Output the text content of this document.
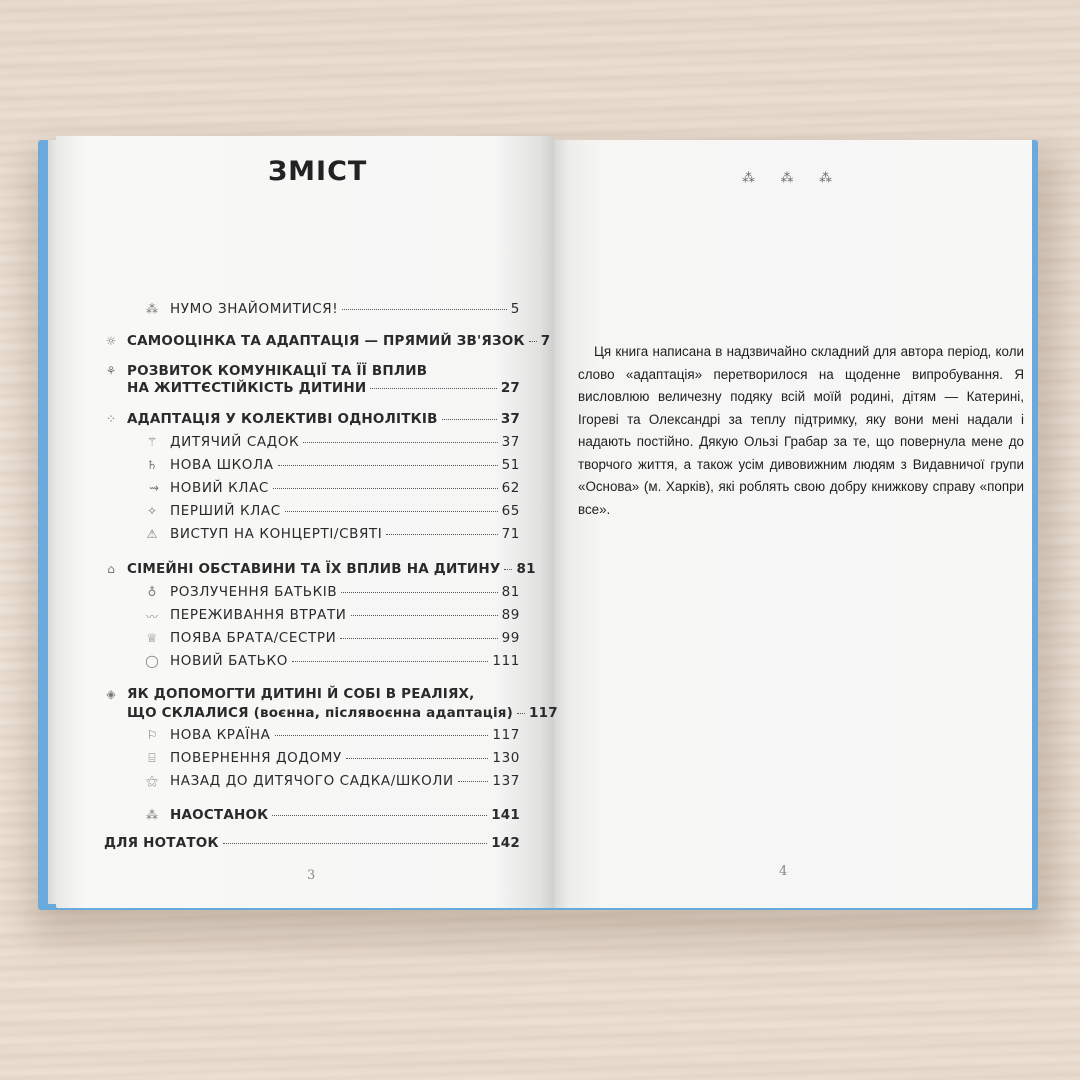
ЗМІСТ
⁂ НУМО ЗНАЙОМИТИСЯ!	5
☼ САМООЦІНКА ТА АДАПТАЦІЯ — ПРЯМИЙ ЗВ'ЯЗОК 7
⚘ РОЗВИТОК КОМУНІКАЦІЇ ТА ЇЇ ВПЛИВ
НА ЖИТТЄСТІЙКІСТЬ ДИТИНИ	27
⁘ АДАПТАЦІЯ У КОЛЕКТИВІ ОДНОЛІТКІВ	37
⚚ ДИТЯЧИЙ САДОК	37
♄ НОВА ШКОЛА	51
⇝ НОВИЙ КЛАС	62
✧ ПЕРШИЙ КЛАС	65
⚠ ВИСТУП НА КОНЦЕРТІ/СВЯТІ	71
⌂ СІМЕЙНІ ОБСТАВИНИ ТА ЇХ ВПЛИВ НА ДИТИНУ 81
♁ РОЗЛУЧЕННЯ БАТЬКІВ	81
〰 ПЕРЕЖИВАННЯ ВТРАТИ	89
♕ ПОЯВА БРАТА/СЕСТРИ	99
◯ НОВИЙ БАТЬКО	111
◈ ЯК ДОПОМОГТИ ДИТИНІ Й СОБІ В РЕАЛІЯХ,
ЩО СКЛАЛИСЯ (воєнна, післявоєнна адаптація) 117
⚐ НОВА КРАЇНА	117
⌸	ПОВЕРНЕННЯ ДОДОМУ	130
⚝ НАЗАД ДО ДИТЯЧОГО САДКА/ШКОЛИ	137
⁂ НАОСТАНОК	141
ДЛЯ НОТАТОК	142
3
⁂ ⁂ ⁂
Ця книга написана в надзвичайно складний для автора період, коли слово «адаптація» перетворилося на щоденне випробування. Я висловлюю величезну подяку всій моїй родині, дітям — Катерині, Ігореві та Олександрі за теплу підтримку, яку вони мені надали і надають постійно. Дякую Ользі Грабар за те, що повернула мене до творчого життя, а також усім дивовижним людям з Видавничої групи «Основа» (м. Харків), які роблять свою добру книжкову справу «попри все».
4
